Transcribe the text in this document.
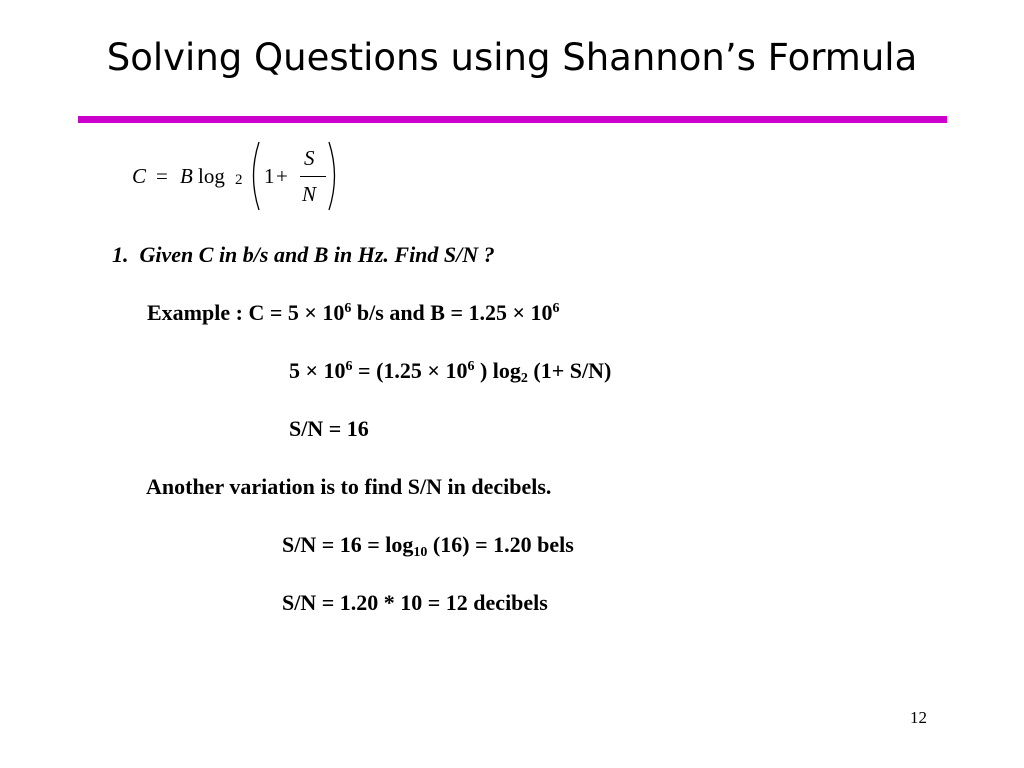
Solving Questions using Shannon’s Formula
C = B log 2 1 +
S
N
1. Given C in b/s and B in Hz. Find S/N ?
Example : $C = 5 \times 10^6$ b/s and $B = 1.25 \times 10^6$
$5 \times 10^6 = (1.25 \times 10^6$ ) log2 (1+ S/N)
S/N = 16
Another variation is to find S/N in decibels.
S/N = 16 = log10 (16) = 1.20 bels
S/N = 1.20 * 10 = 12 decibels
12
